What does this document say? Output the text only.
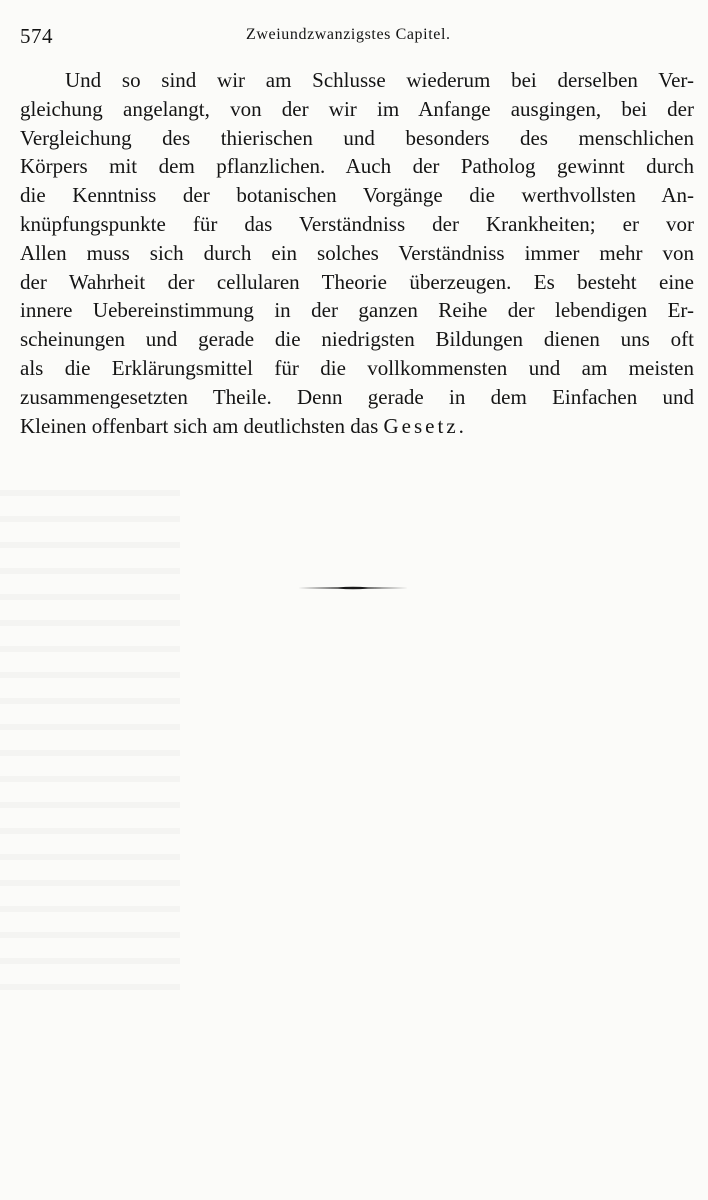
574	Zweiundzwanzigstes Capitel.
Und so sind wir am Schlusse wiederum bei derselben Ver-
gleichung angelangt, von der wir im Anfange ausgingen, bei der
Vergleichung des thierischen und besonders des menschlichen
Körpers mit dem pflanzlichen. Auch der Patholog gewinnt durch
die Kenntniss der botanischen Vorgänge die werthvollsten An-
knüpfungspunkte für das Verständniss der Krankheiten; er vor
Allen muss sich durch ein solches Verständniss immer mehr von
der Wahrheit der cellularen Theorie überzeugen. Es besteht eine
innere Uebereinstimmung in der ganzen Reihe der lebendigen Er-
scheinungen und gerade die niedrigsten Bildungen dienen uns oft
als die Erklärungsmittel für die vollkommensten und am meisten
zusammengesetzten Theile. Denn gerade in dem Einfachen und
Kleinen offenbart sich am deutlichsten das Gesetz.
